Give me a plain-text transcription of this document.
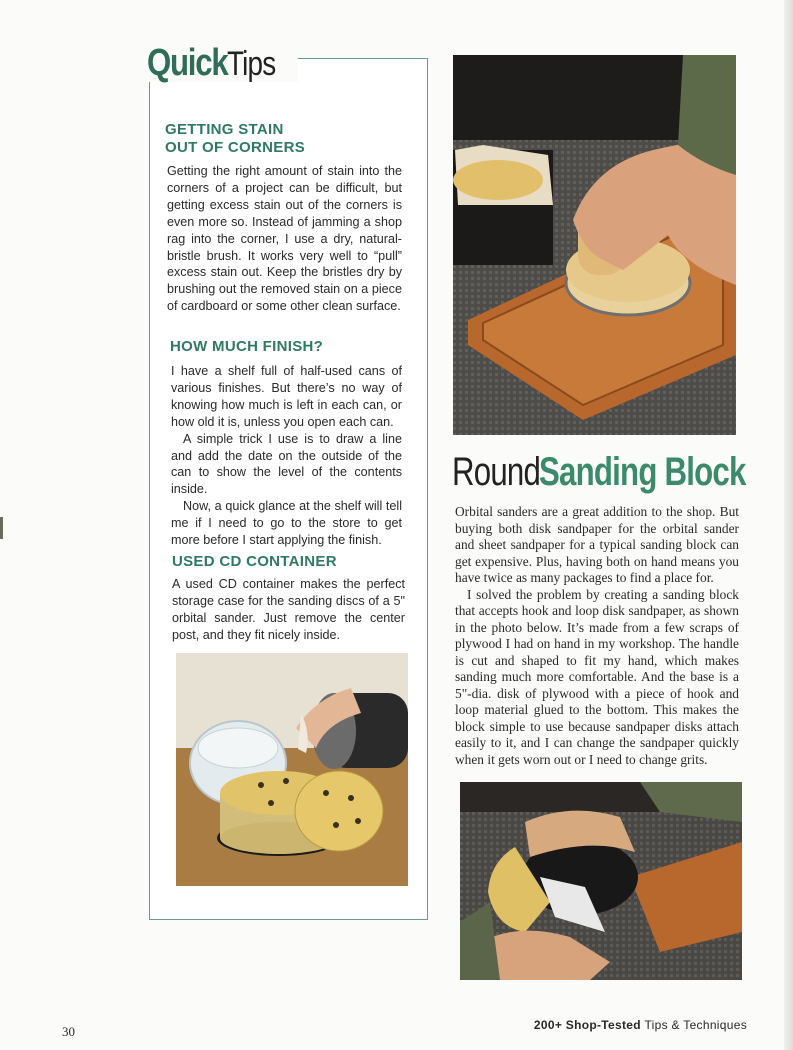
QuickTips
GETTING STAIN
OUT OF CORNERS

Getting the right amount of stain into the corners of a project can be difficult, but getting excess stain out of the corners is even more so. Instead of jamming a shop rag into the corner, I use a dry, natural-bristle brush. It works very well to “pull” excess stain out. Keep the bristles dry by brushing out the removed stain on a piece of cardboard or some other clean surface.

HOW MUCH FINISH?

I have a shelf full of half-used cans of various finishes. But there’s no way of knowing how much is left in each can, or how old it is, unless you open each can.

A simple trick I use is to draw a line and add the date on the outside of the can to show the level of the contents inside.

Now, a quick glance at the shelf will tell me if I need to go to the store to get more before I start applying the finish.

USED CD CONTAINER

A used CD container makes the perfect storage case for the sanding discs of a 5" orbital sander. Just remove the center post, and they fit nicely inside.

RoundSanding Block

Orbital sanders are a great addition to the shop. But buying both disk sandpaper for the orbital sander and sheet sandpaper for a typical sanding block can get expensive. Plus, having both on hand means you have twice as many packages to find a place for.

I solved the problem by creating a sanding block that accepts hook and loop disk sandpaper, as shown in the photo below. It’s made from a few scraps of plywood I had on hand in my workshop. The handle is cut and shaped to fit my hand, which makes sanding much more comfortable. And the base is a 5"-dia. disk of plywood with a piece of hook and loop material glued to the bottom. This makes the block simple to use because sandpaper disks attach easily to it, and I can change the sandpaper quickly when it gets worn out or I need to change grits.

30	200+ Shop-Tested Tips & Techniques
